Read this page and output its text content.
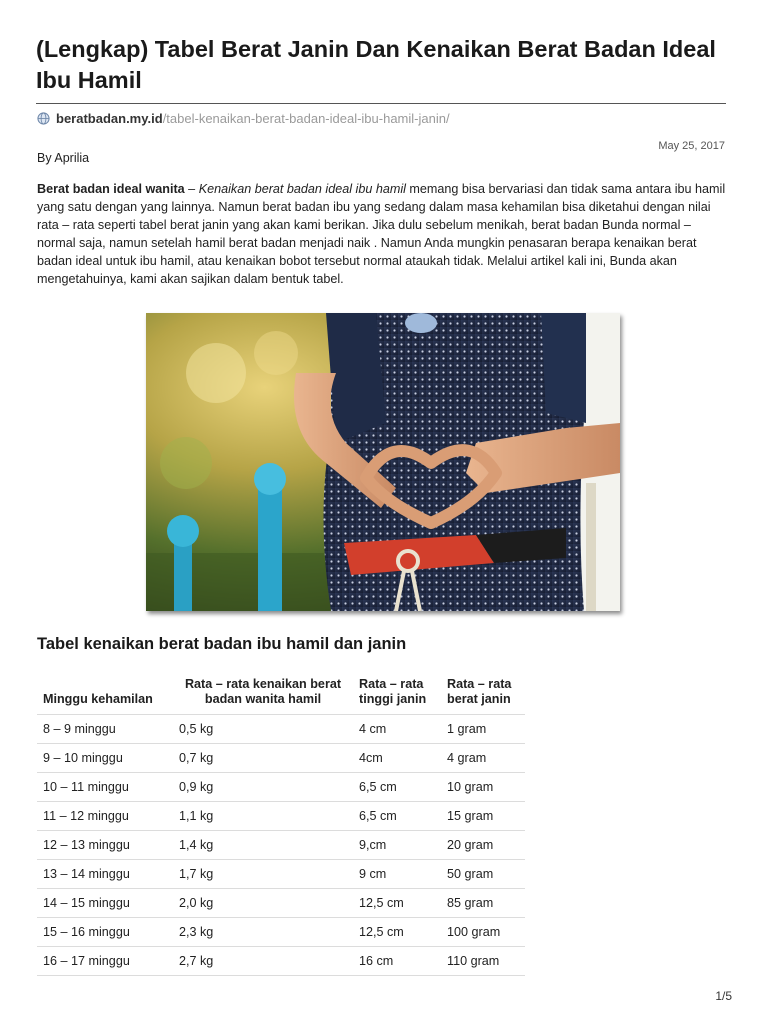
(Lengkap) Tabel Berat Janin Dan Kenaikan Berat Badan Ideal Ibu Hamil
beratbadan.my.id /tabel-kenaikan-berat-badan-ideal-ibu-hamil-janin/
May 25, 2017
By Aprilia

Berat badan ideal wanita – Kenaikan berat badan ideal ibu hamil memang bisa bervariasi dan tidak sama antara ibu hamil yang satu dengan yang lainnya. Namun berat badan ibu yang sedang dalam masa kehamilan bisa diketahui dengan nilai rata – rata seperti tabel berat janin yang akan kami berikan. Jika dulu sebelum menikah, berat badan Bunda normal – normal saja, namun setelah hamil berat badan menjadi naik . Namun Anda mungkin penasaran berapa kenaikan berat badan ideal untuk ibu hamil, atau kenaikan bobot tersebut normal ataukah tidak. Melalui artikel kali ini, Bunda akan mengetahuinya, kami akan sajikan dalam bentuk tabel.

Tabel kenaikan berat badan ibu hamil dan janin
Minggu kehamilan	Rata – rata kenaikan berat badan wanita hamil	Rata – rata tinggi janin	Rata – rata berat janin
8 – 9 minggu	0,5 kg	4 cm	1 gram
9 – 10 minggu	0,7 kg	4cm	4 gram
10 – 11 minggu	0,9 kg	6,5 cm	10 gram
11 – 12 minggu	1,1 kg	6,5 cm	15 gram
12 – 13 minggu	1,4 kg	9,cm	20 gram
13 – 14 minggu	1,7 kg	9 cm	50 gram
14 – 15 minggu	2,0 kg	12,5 cm	85 gram
15 – 16 minggu	2,3 kg	12,5 cm	100 gram
16 – 17 minggu	2,7 kg	16 cm	110 gram
1/5
